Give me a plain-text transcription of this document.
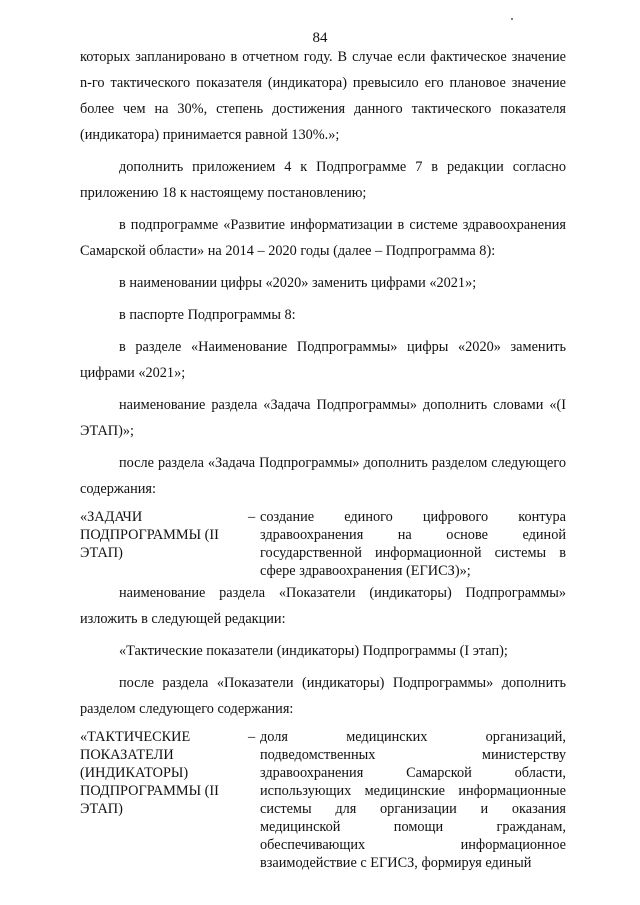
84

которых запланировано в отчетном году. В случае если фактическое значение n-го тактического показателя (индикатора) превысило его плановое значение более чем на 30%, степень достижения данного тактического показателя (индикатора) принимается равной 130%.»;

дополнить приложением 4 к Подпрограмме 7 в редакции согласно приложению 18 к настоящему постановлению;

в подпрограмме «Развитие информатизации в системе здравоохранения Самарской области» на 2014 – 2020 годы (далее – Подпрограмма 8):

в наименовании цифры «2020» заменить цифрами «2021»;

в паспорте Подпрограммы 8:

в разделе «Наименование Подпрограммы» цифры «2020» заменить цифрами «2021»;

наименование раздела «Задача Подпрограммы» дополнить словами «(I ЭТАП)»;

после раздела «Задача Подпрограммы» дополнить разделом следующего содержания:

«ЗАДАЧИ ПОДПРОГРАММЫ (II ЭТАП)
– создание единого цифрового контура здравоохранения на основе единой государственной информационной системы в сфере здравоохранения (ЕГИСЗ)»;

наименование раздела «Показатели (индикаторы) Подпрограммы» изложить в следующей редакции:

«Тактические показатели (индикаторы) Подпрограммы (I этап);

после раздела «Показатели (индикаторы) Подпрограммы» дополнить разделом следующего содержания:

«ТАКТИЧЕСКИЕ ПОКАЗАТЕЛИ (ИНДИКАТОРЫ) ПОДПРОГРАММЫ (II ЭТАП)
– доля медицинских организаций, подведомственных министерству здравоохранения Самарской области, использующих медицинские информационные системы для организации и оказания медицинской помощи гражданам, обеспечивающих информационное взаимодействие с ЕГИСЗ, формируя единый
